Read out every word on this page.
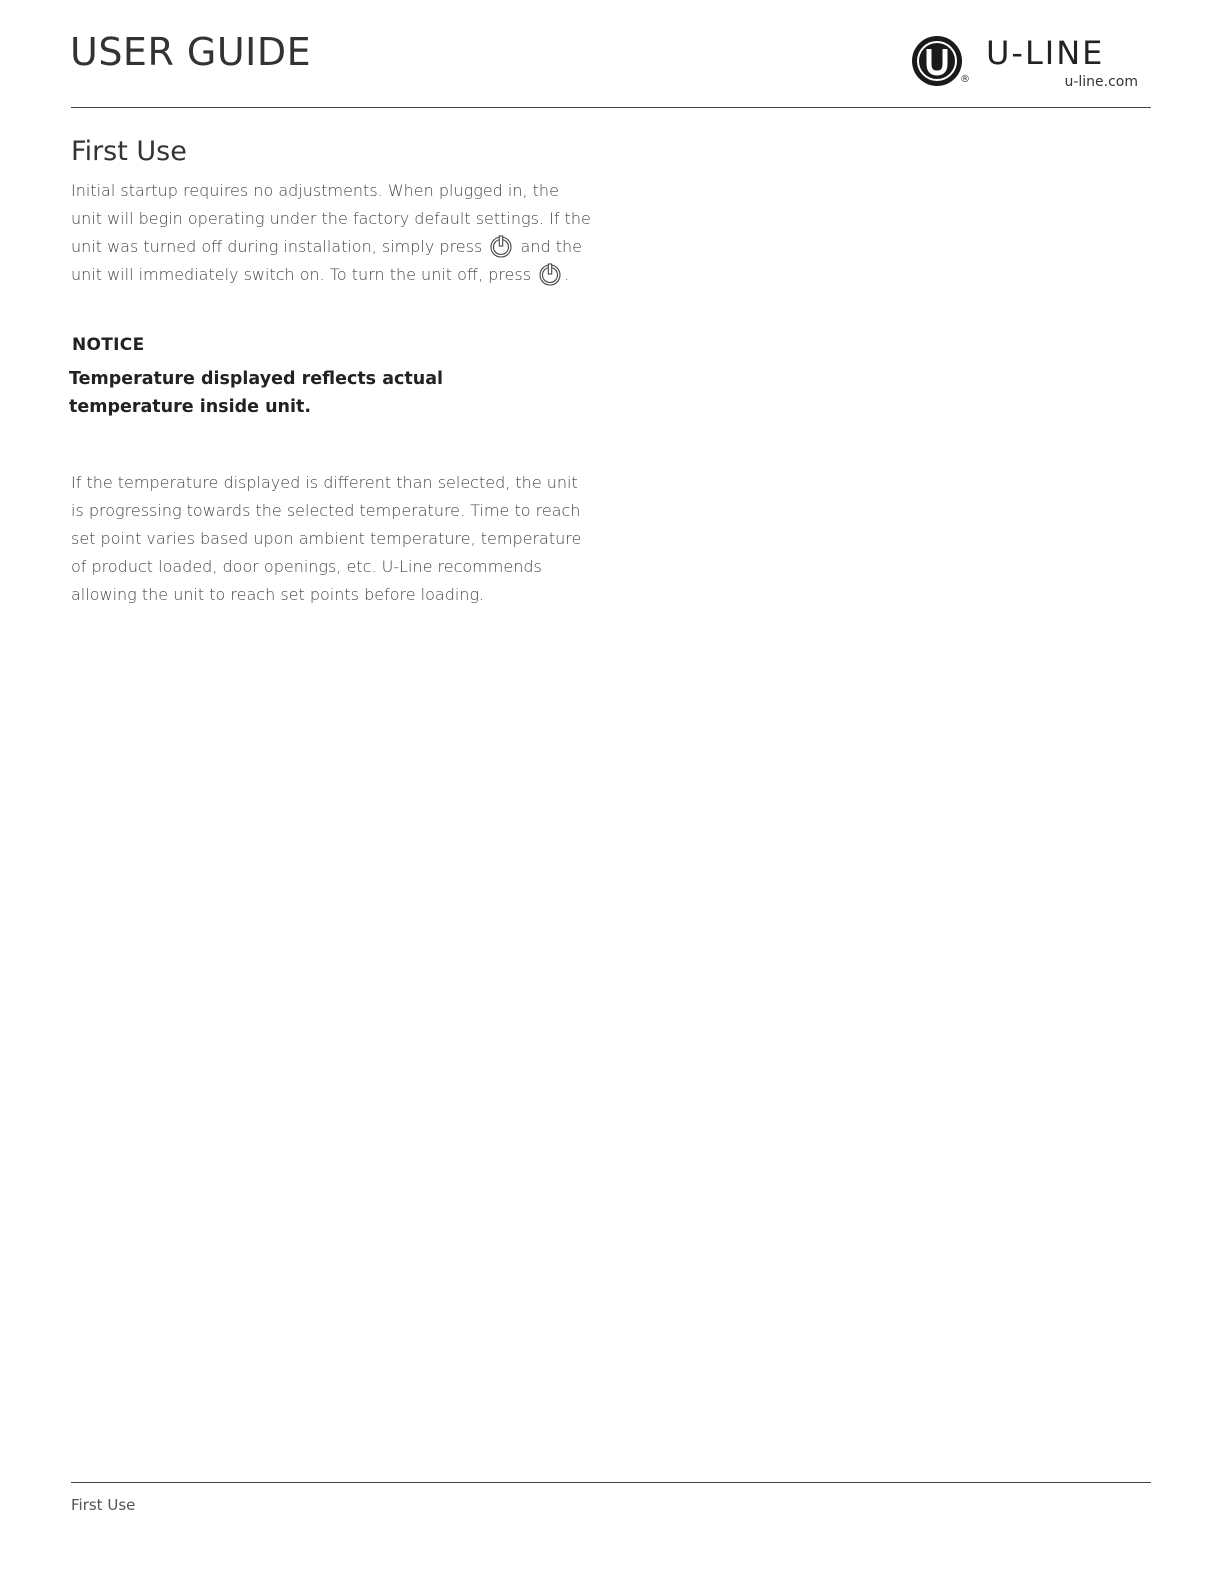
USER GUIDE
®
U-LINE
u-line.com
First Use

Initial startup requires no adjustments. When plugged in, the unit will begin operating under the factory default settings. If the unit was turned off during installation, simply press and the unit will immediately switch on. To turn the unit off, press .

NOTICE

Temperature displayed reflects actual temperature inside unit.

If the temperature displayed is different than selected, the unit is progressing towards the selected temperature. Time to reach set point varies based upon ambient temperature, temperature of product loaded, door openings, etc. U-Line recommends allowing the unit to reach set points before loading.

First Use
